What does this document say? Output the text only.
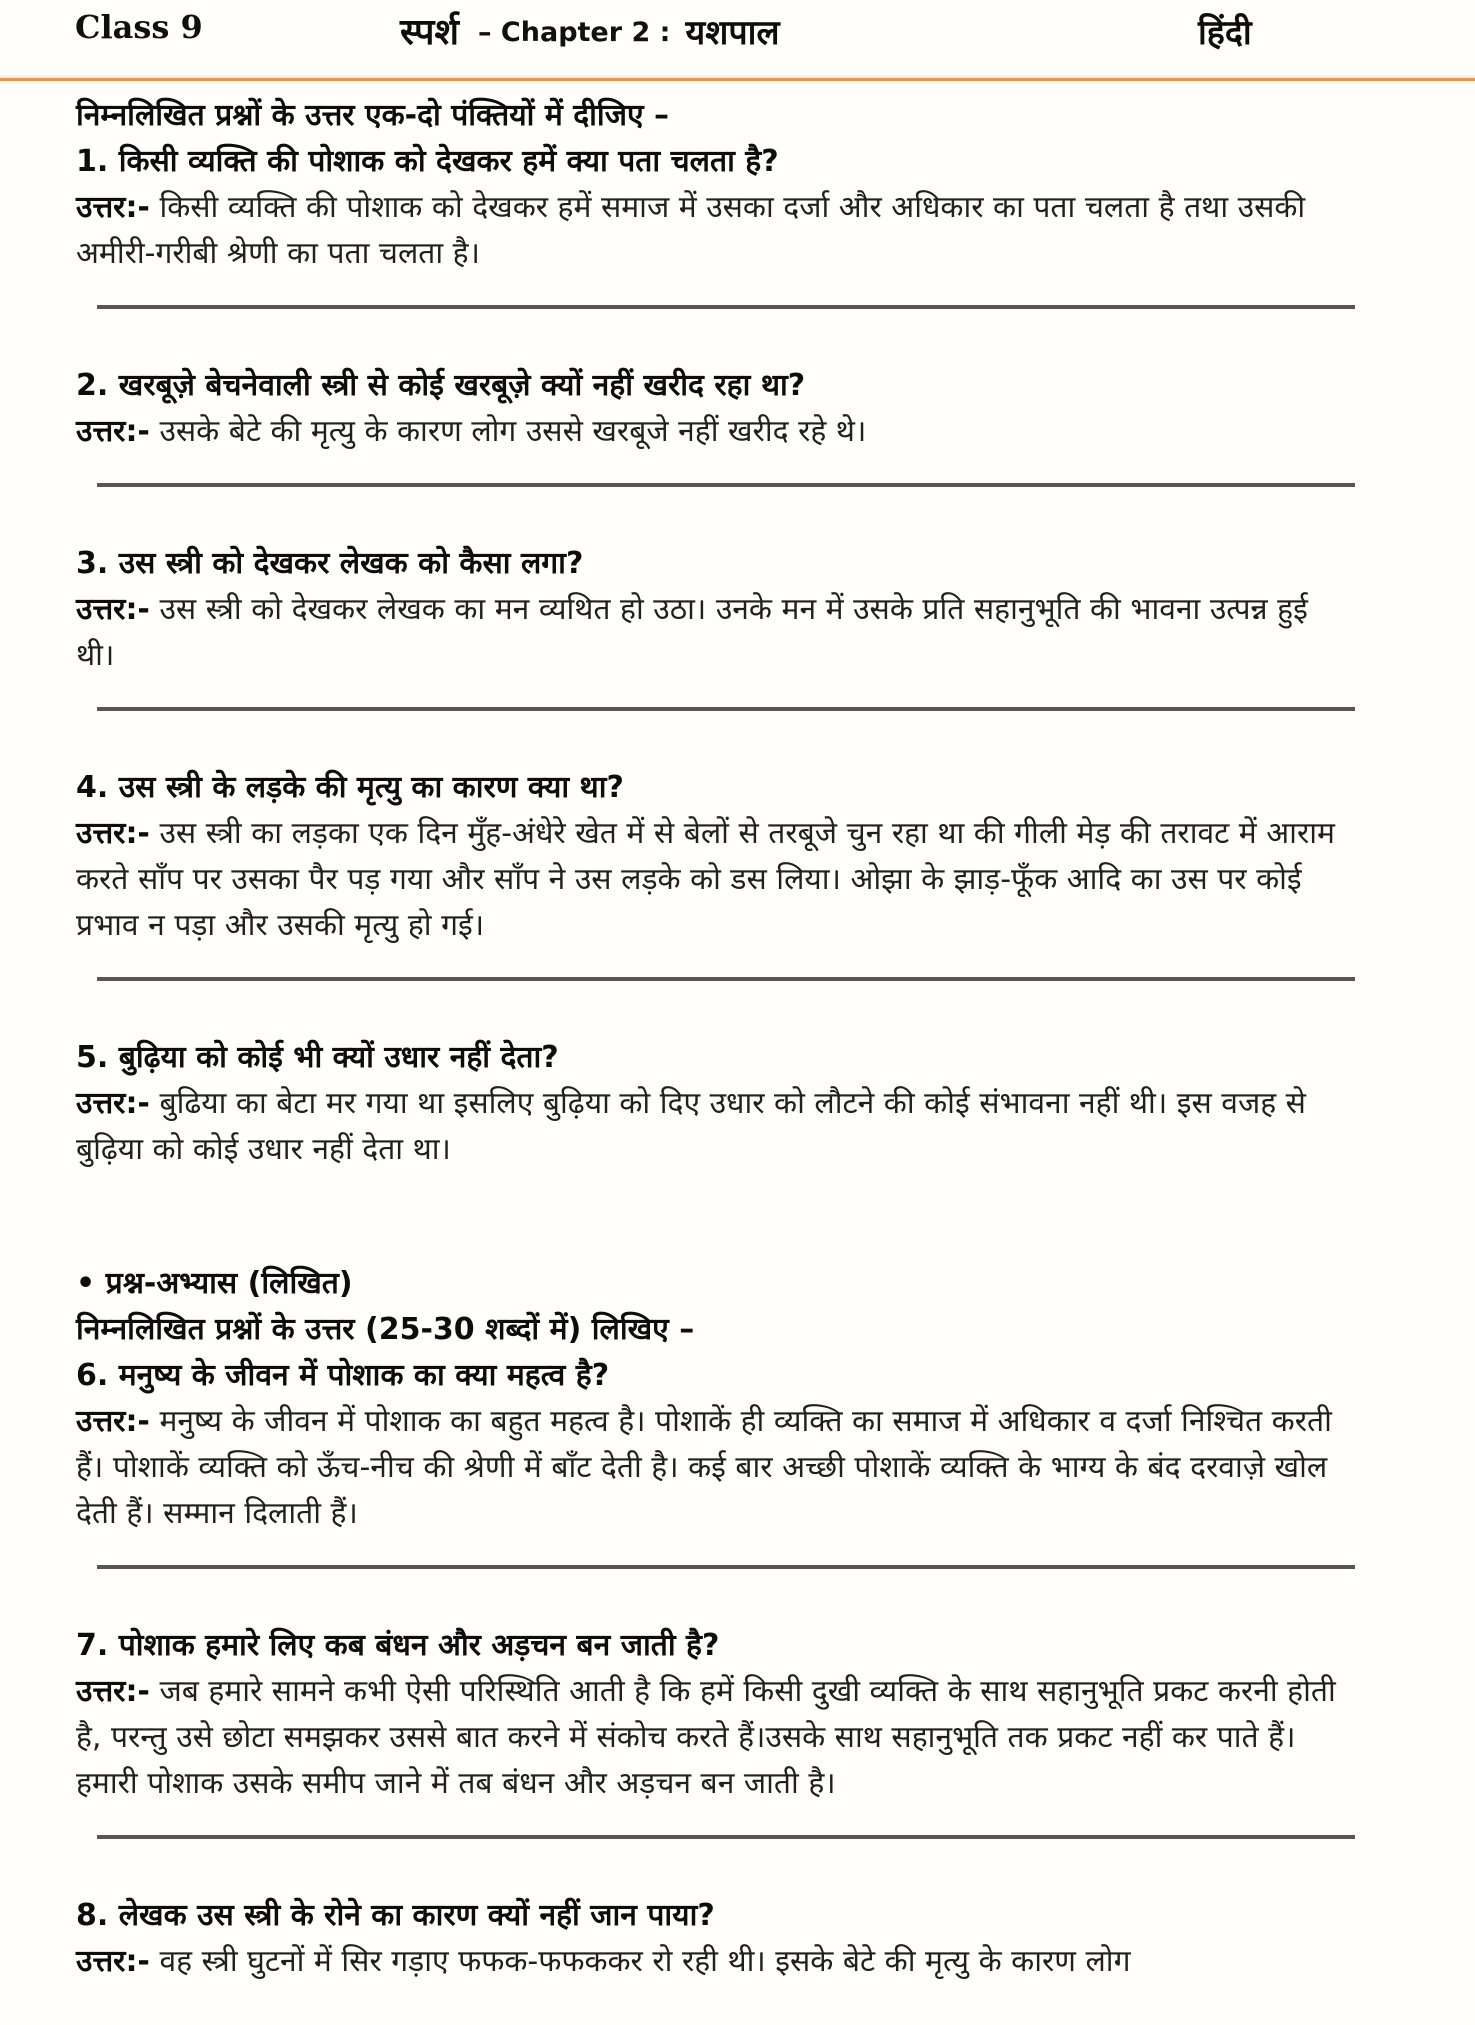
Class 9	स्पर्श – Chapter 2 : यशपाल	हिंदी

निम्नलिखित प्रश्नों के उत्तर एक-दो पंक्तियों में दीजिए –

1. किसी व्यक्ति की पोशाक को देखकर हमें क्या पता चलता है?

उत्तर:- किसी व्यक्ति की पोशाक को देखकर हमें समाज में उसका दर्जा और अधिकार का पता चलता है तथा उसकी अमीरी-गरीबी श्रेणी का पता चलता है।

2. खरबूज़े बेचनेवाली स्त्री से कोई खरबूज़े क्यों नहीं खरीद रहा था?

उत्तर:- उसके बेटे की मृत्यु के कारण लोग उससे खरबूजे नहीं खरीद रहे थे।

3. उस स्त्री को देखकर लेखक को कैसा लगा?

उत्तर:- उस स्त्री को देखकर लेखक का मन व्यथित हो उठा। उनके मन में उसके प्रति सहानुभूति की भावना उत्पन्न हुई थी।

4. उस स्त्री के लड़के की मृत्यु का कारण क्या था?

उत्तर:- उस स्त्री का लड़का एक दिन मुँह-अंधेरे खेत में से बेलों से तरबूजे चुन रहा था की गीली मेड़ की तरावट में आराम करते साँप पर उसका पैर पड़ गया और साँप ने उस लड़के को डस लिया। ओझा के झाड़-फूँक आदि का उस पर कोई प्रभाव न पड़ा और उसकी मृत्यु हो गई।

5. बुढ़िया को कोई भी क्यों उधार नहीं देता?

उत्तर:- बुढिया का बेटा मर गया था इसलिए बुढ़िया को दिए उधार को लौटने की कोई संभावना नहीं थी। इस वजह से बुढ़िया को कोई उधार नहीं देता था।

• प्रश्न-अभ्यास (लिखित)

निम्नलिखित प्रश्नों के उत्तर (25-30 शब्दों में) लिखिए –

6. मनुष्य के जीवन में पोशाक का क्या महत्व है?

उत्तर:- मनुष्य के जीवन में पोशाक का बहुत महत्व है। पोशाकें ही व्यक्ति का समाज में अधिकार व दर्जा निश्चित करती हैं। पोशाकें व्यक्ति को ऊँच-नीच की श्रेणी में बाँट देती है। कई बार अच्छी पोशाकें व्यक्ति के भाग्य के बंद दरवाज़े खोल देती हैं। सम्मान दिलाती हैं।

7. पोशाक हमारे लिए कब बंधन और अड़चन बन जाती है?

उत्तर:- जब हमारे सामने कभी ऐसी परिस्थिति आती है कि हमें किसी दुखी व्यक्ति के साथ सहानुभूति प्रकट करनी होती है, परन्तु उसे छोटा समझकर उससे बात करने में संकोच करते हैं।उसके साथ सहानुभूति तक प्रकट नहीं कर पाते हैं। हमारी पोशाक उसके समीप जाने में तब बंधन और अड़चन बन जाती है।

8. लेखक उस स्त्री के रोने का कारण क्यों नहीं जान पाया?

उत्तर:- वह स्त्री घुटनों में सिर गड़ाए फफक-फफककर रो रही थी। इसके बेटे की मृत्यु के कारण लोग
